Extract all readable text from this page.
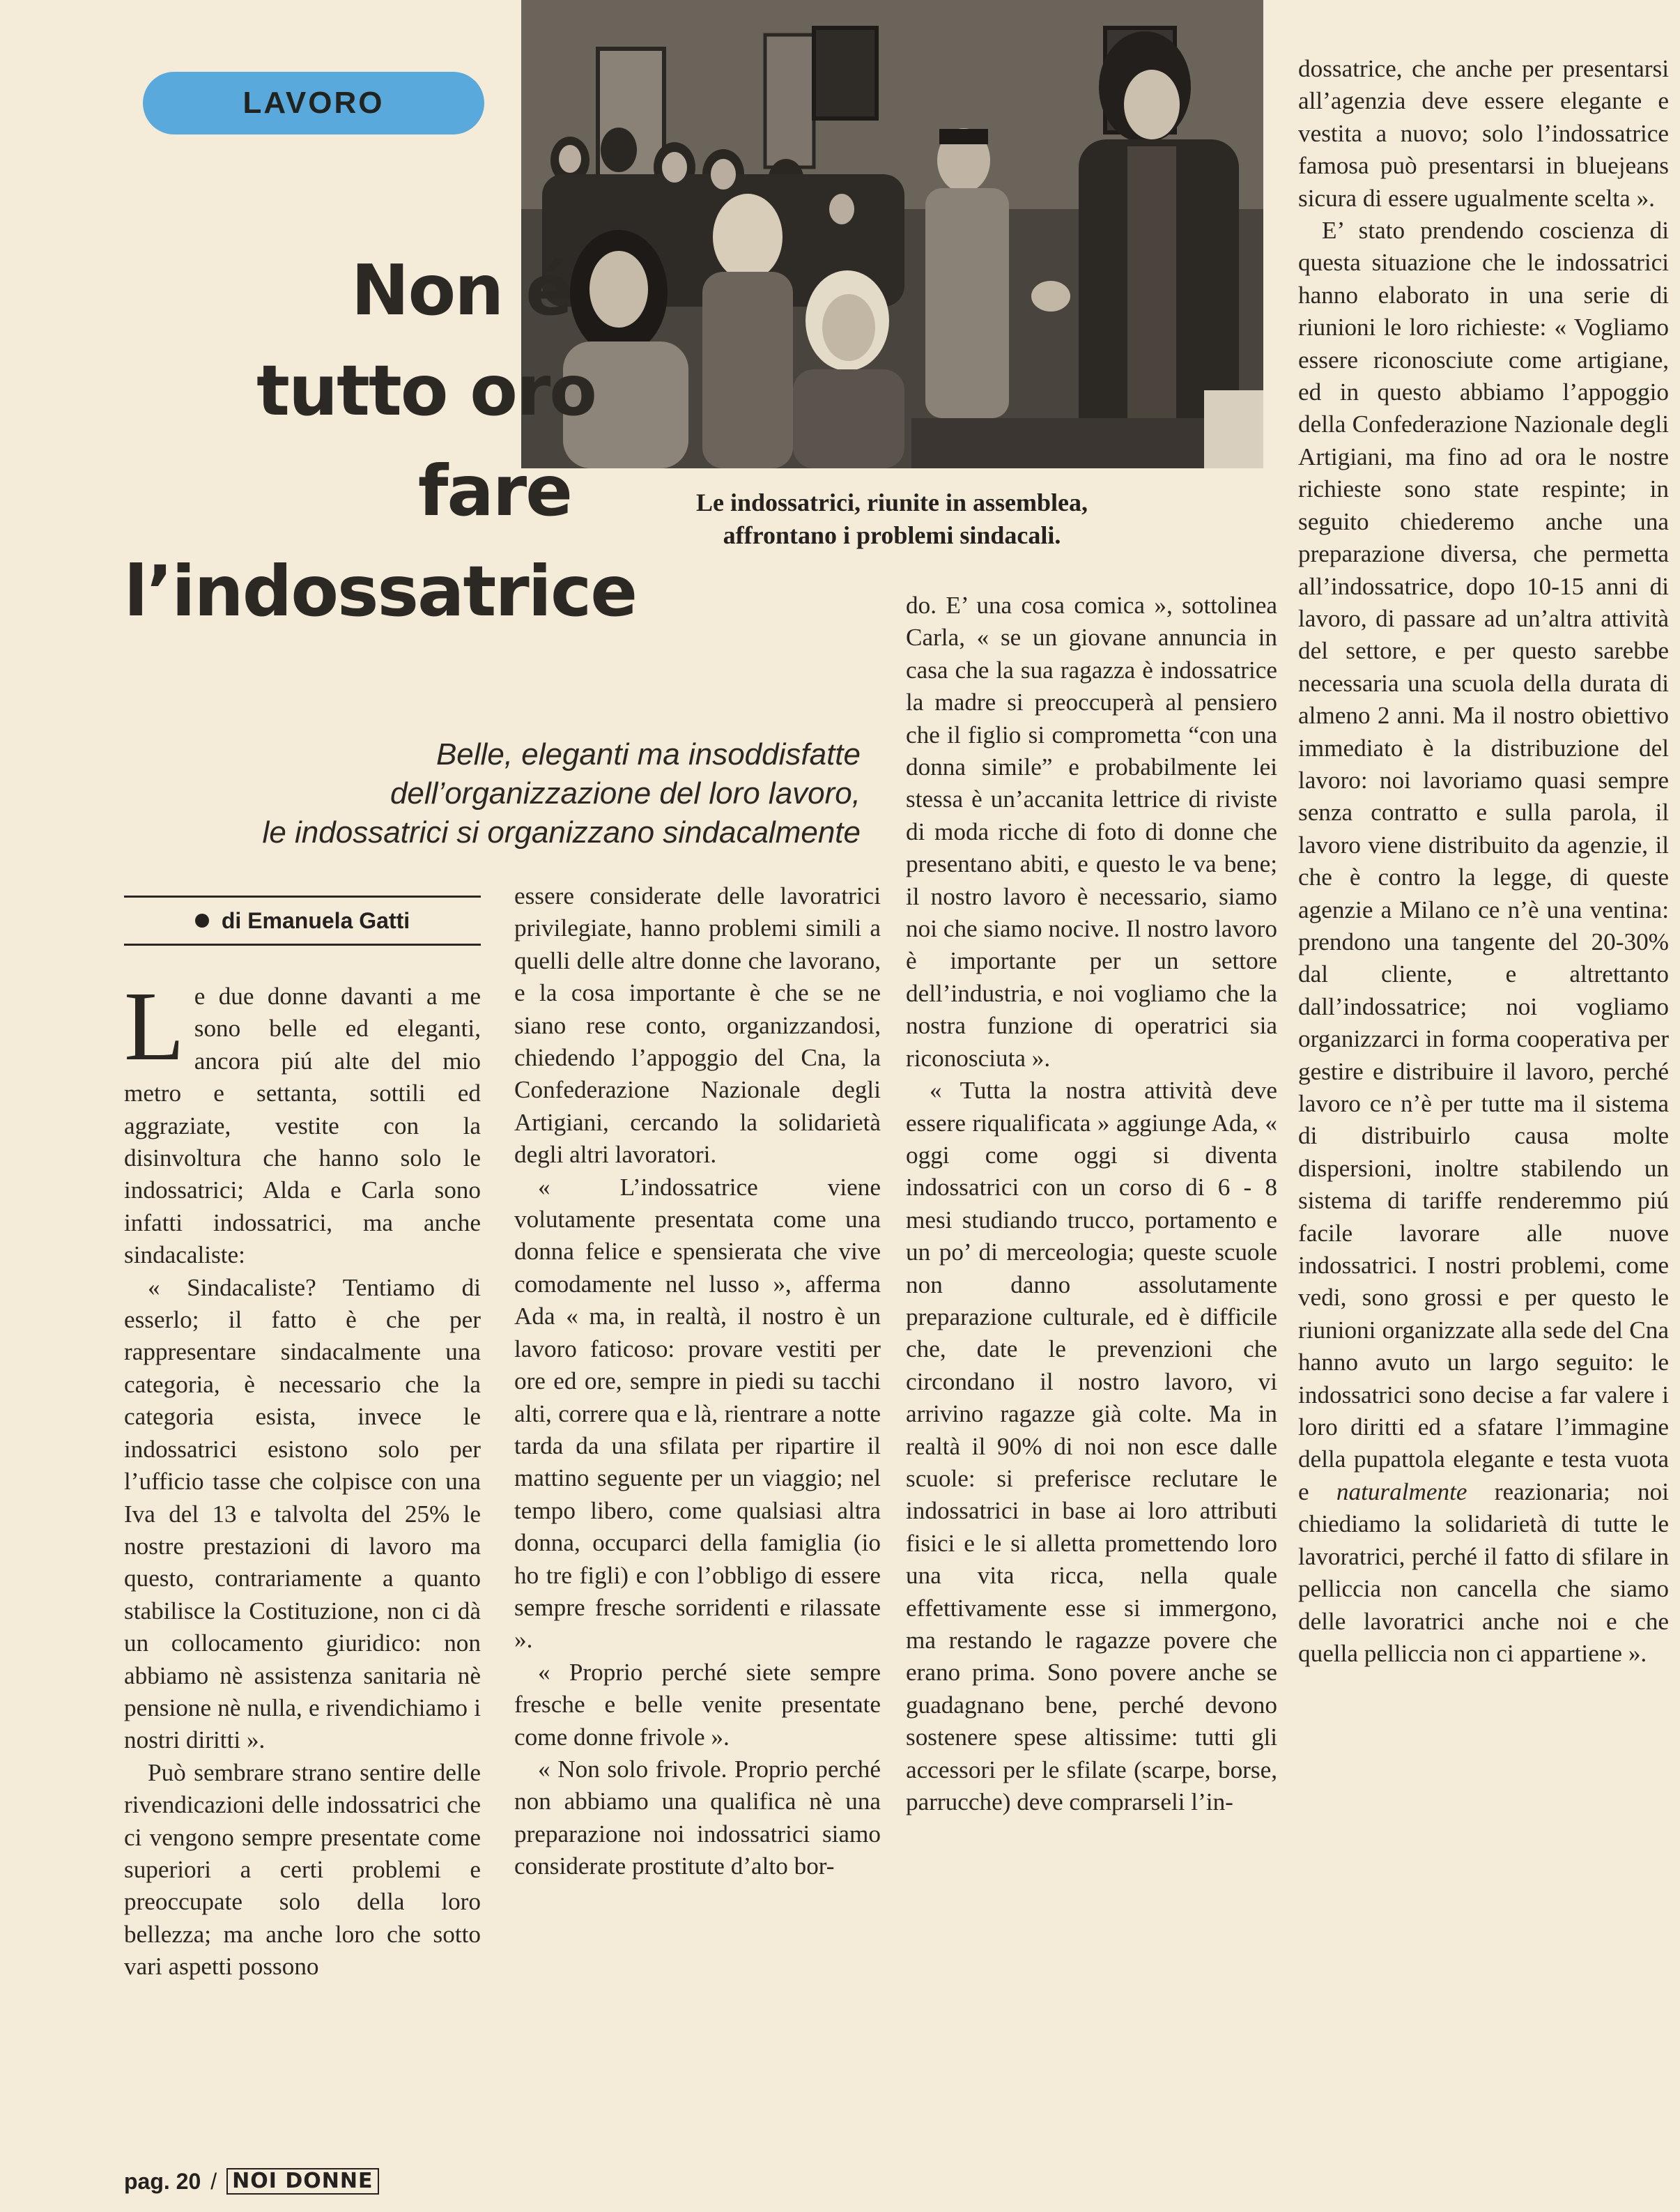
LAVORO
Le indossatrici, riunite in assemblea,
affrontano i problemi sindacali.
Non é
tutto oro
fare
l’indossatrice
Belle, eleganti ma insoddisfatte
dell’organizzazione del loro lavoro,
le indossatrici si organizzano sindacalmente
di Emanuela Gatti

Le due donne davanti a me sono belle ed eleganti, ancora piú alte del mio metro e settanta, sottili ed aggraziate, vestite con la disinvoltura che hanno solo le indossatrici; Alda e Carla sono infatti indossatrici, ma anche sindacaliste:

« Sindacaliste? Tentiamo di esserlo; il fatto è che per rappresentare sindacalmente una categoria, è necessario che la categoria esista, invece le indossatrici esistono solo per l’ufficio tasse che colpisce con una Iva del 13 e talvolta del 25% le nostre prestazioni di lavoro ma questo, contrariamente a quanto stabilisce la Costituzione, non ci dà un collocamento giuridico: non abbiamo nè assistenza sanitaria nè pensione nè nulla, e rivendichiamo i nostri diritti ».

Può sembrare strano sentire delle rivendicazioni delle indossatrici che ci vengono sempre presentate come superiori a certi problemi e preoccupate solo della loro bellezza; ma anche loro che sotto vari aspetti possono

essere considerate delle lavoratrici privilegiate, hanno problemi simili a quelli delle altre donne che lavorano, e la cosa importante è che se ne siano rese conto, organizzandosi, chiedendo l’appoggio del Cna, la Confederazione Nazionale degli Artigiani, cercando la solidarietà degli altri lavoratori.

« L’indossatrice viene volutamente presentata come una donna felice e spensierata che vive comodamente nel lusso », afferma Ada « ma, in realtà, il nostro è un lavoro faticoso: provare vestiti per ore ed ore, sempre in piedi su tacchi alti, correre qua e là, rientrare a notte tarda da una sfilata per ripartire il mattino seguente per un viaggio; nel tempo libero, come qualsiasi altra donna, occuparci della famiglia (io ho tre figli) e con l’obbligo di essere sempre fresche sorridenti e rilassate ».

« Proprio perché siete sempre fresche e belle venite presentate come donne frivole ».

« Non solo frivole. Proprio perché non abbiamo una qualifica nè una preparazione noi indossatrici siamo considerate prostitute d’alto bor-

do. E’ una cosa comica », sottolinea Carla, « se un giovane annuncia in casa che la sua ragazza è indossatrice la madre si preoccuperà al pensiero che il figlio si comprometta “con una donna simile” e probabilmente lei stessa è un’accanita lettrice di riviste di moda ricche di foto di donne che presentano abiti, e questo le va bene; il nostro lavoro è necessario, siamo noi che siamo nocive. Il nostro lavoro è importante per un settore dell’industria, e noi vogliamo che la nostra funzione di operatrici sia riconosciuta ».

« Tutta la nostra attività deve essere riqualificata » aggiunge Ada, « oggi come oggi si diventa indossatrici con un corso di 6 - 8 mesi studiando trucco, portamento e un po’ di merceologia; queste scuole non danno assolutamente preparazione culturale, ed è difficile che, date le prevenzioni che circondano il nostro lavoro, vi arrivino ragazze già colte. Ma in realtà il 90% di noi non esce dalle scuole: si preferisce reclutare le indossatrici in base ai loro attributi fisici e le si alletta promettendo loro una vita ricca, nella quale effettivamente esse si immergono, ma restando le ragazze povere che erano prima. Sono povere anche se guadagnano bene, perché devono sostenere spese altissime: tutti gli accessori per le sfilate (scarpe, borse, parrucche) deve comprarseli l’in-

dossatrice, che anche per presentarsi all’agenzia deve essere elegante e vestita a nuovo; solo l’indossatrice famosa può presentarsi in bluejeans sicura di essere ugualmente scelta ».

E’ stato prendendo coscienza di questa situazione che le indossatrici hanno elaborato in una serie di riunioni le loro richieste: « Vogliamo essere riconosciute come artigiane, ed in questo abbiamo l’appoggio della Confederazione Nazionale degli Artigiani, ma fino ad ora le nostre richieste sono state respinte; in seguito chiederemo anche una preparazione diversa, che permetta all’indossatrice, dopo 10-15 anni di lavoro, di passare ad un’altra attività del settore, e per questo sarebbe necessaria una scuola della durata di almeno 2 anni. Ma il nostro obiettivo immediato è la distribuzione del lavoro: noi lavoriamo quasi sempre senza contratto e sulla parola, il lavoro viene distribuito da agenzie, il che è contro la legge, di queste agenzie a Milano ce n’è una ventina: prendono una tangente del 20-30% dal cliente, e altrettanto dall’indossatrice; noi vogliamo organizzarci in forma cooperativa per gestire e distribuire il lavoro, perché lavoro ce n’è per tutte ma il sistema di distribuirlo causa molte dispersioni, inoltre stabilendo un sistema di tariffe renderemmo piú facile lavorare alle nuove indossatrici. I nostri problemi, come vedi, sono grossi e per questo le riunioni organizzate alla sede del Cna hanno avuto un largo seguito: le indossatrici sono decise a far valere i loro diritti ed a sfatare l’immagine della pupattola elegante e testa vuota e naturalmente reazionaria; noi chiediamo la solidarietà di tutte le lavoratrici, perché il fatto di sfilare in pelliccia non cancella che siamo delle lavoratrici anche noi e che quella pelliccia non ci appartiene ».

pag. 20 / NOI DONNE
